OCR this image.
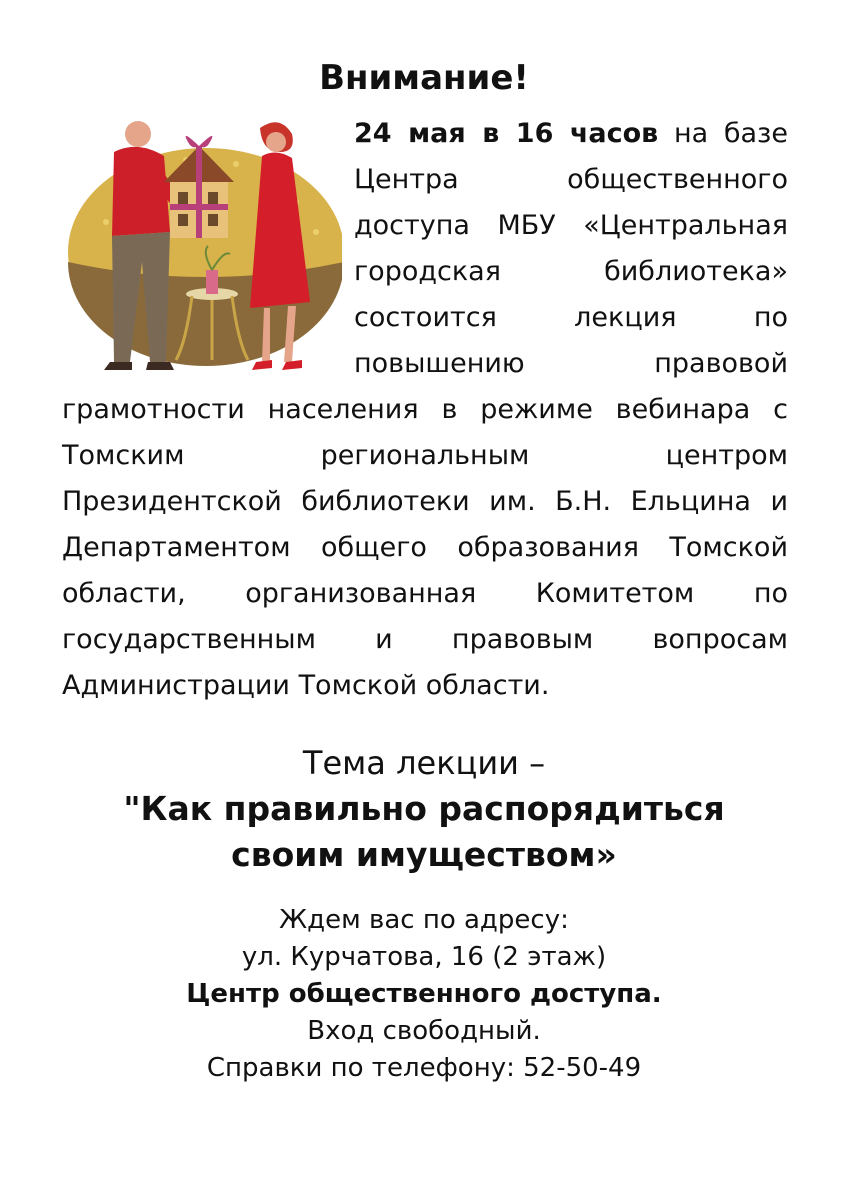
Внимание!
24 мая в 16 часов на базе
Центра общественного
доступа МБУ «Центральная
городская библиотека»
состоится лекция по
повышению правовой
грамотности населения в режиме вебинара с
Томским региональным центром
Президентской библиотеки им. Б.Н. Ельцина и
Департаментом общего образования Томской
области, организованная Комитетом по
государственным и правовым вопросам
Администрации Томской области.
Тема лекции –
"Как правильно распорядиться
своим имуществом»
Ждем вас по адресу:
ул. Курчатова, 16 (2 этаж)
Центр общественного доступа.
Вход свободный.
Справки по телефону: 52-50-49
